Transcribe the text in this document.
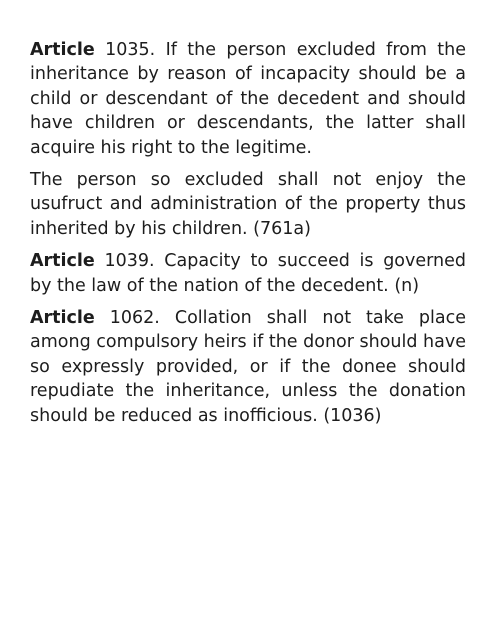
Article 1035. If the person excluded from the inheritance by reason of incapacity should be a child or descendant of the decedent and should have children or descendants, the latter shall acquire his right to the legitime.

The person so excluded shall not enjoy the usufruct and administration of the property thus inherited by his children. (761a)

Article 1039. Capacity to succeed is governed by the law of the nation of the decedent. (n)

Article 1062. Collation shall not take place among compulsory heirs if the donor should have so expressly provided, or if the donee should repudiate the inheritance, unless the donation should be reduced as inofficious. (1036)
